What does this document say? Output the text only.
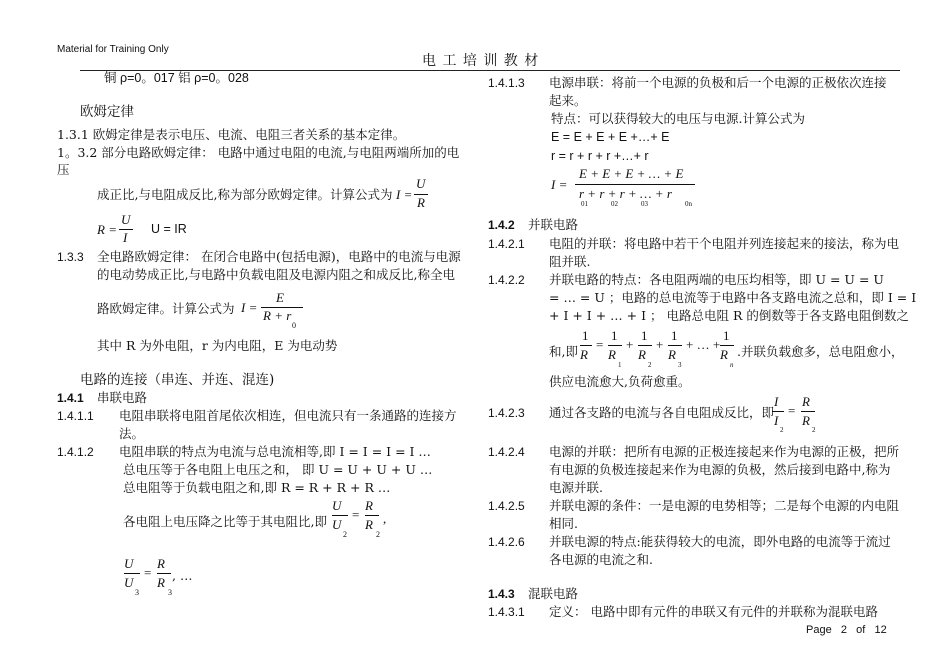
Material for Training Only
电 工 培 训 教 材
铜 ρ=0。017 铝 ρ=0。028
欧姆定律
1.3.1 欧姆定律是表示电压、电流、电阻三者关系的基本定律。
1。3.2 部分电路欧姆定律： 电路中通过电阻的电流,与电阻两端所加的电
压
成正比,与电阻成反比,称为部分欧姆定律。计算公式为 I =
U
R
R =
U
I
U = IR
1.3.3 全电路欧姆定律： 在闭合电路中(包括电源)，电路中的电流与电源
的电动势成正比,与电路中负载电阻及电源内阻之和成反比,称全电
路欧姆定律。计算公式为 I =
E
R + r
0
其中 R 为外电阻，r 为内电阻，E 为电动势
电路的连接（串连、并连、混连)
1.4.1 串联电路
1.4.1.1 电阻串联将电阻首尾依次相连，但电流只有一条通路的连接方
法。
1.4.1.2 电阻串联的特点为电流与总电流相等,即 I = I = I = I …
总电压等于各电阻上电压之和， 即 U = U + U + U …
总电阻等于负载电阻之和,即 R = R + R + R …
各电阻上电压降之比等于其电阻比,即
U
U
2
=
R
R
2
,
U
U
3
=
R
R
3
, …
1.4.1.3 电源串联：将前一个电源的负极和后一个电源的正极依次连接
起来。
特点：可以获得较大的电压与电源.计算公式为
E = E + E + E +…+ E
r = r + r + r +…+ r
I =
E + E + E + … + E
r + r + r + … + r
01	02	03	0n
1.4.2 并联电路
1.4.2.1 电阻的并联：将电路中若干个电阻并列连接起来的接法，称为电
阻并联.
1.4.2.2 并联电路的特点：各电阻两端的电压均相等，即 U = U = U
= … = U ；电路的总电流等于电路中各支路电流之总和，即 I = I
+ I + I + … + I ； 电路总电阻 R 的倒数等于各支路电阻倒数之
和,即
1
R
=
1
R
1
+
1
R
2
+
1
R
3
+ … +
1
R
n
.并联负载愈多，总电阻愈小，
供应电流愈大,负荷愈重。
1.4.2.3 通过各支路的电流与各自电阻成反比，即
I
I
2
=
R
R
2
1.4.2.4 电源的并联：把所有电源的正极连接起来作为电源的正极，把所
有电源的负极连接起来作为电源的负极，然后接到电路中,称为
电源并联.
1.4.2.5 并联电源的条件：一是电源的电势相等；二是每个电源的内电阻
相同.
1.4.2.6 并联电源的特点:能获得较大的电流，即外电路的电流等于流过
各电源的电流之和.
1.4.3 混联电路
1.4.3.1 定义： 电路中即有元件的串联又有元件的并联称为混联电路
Page   2   of   12
